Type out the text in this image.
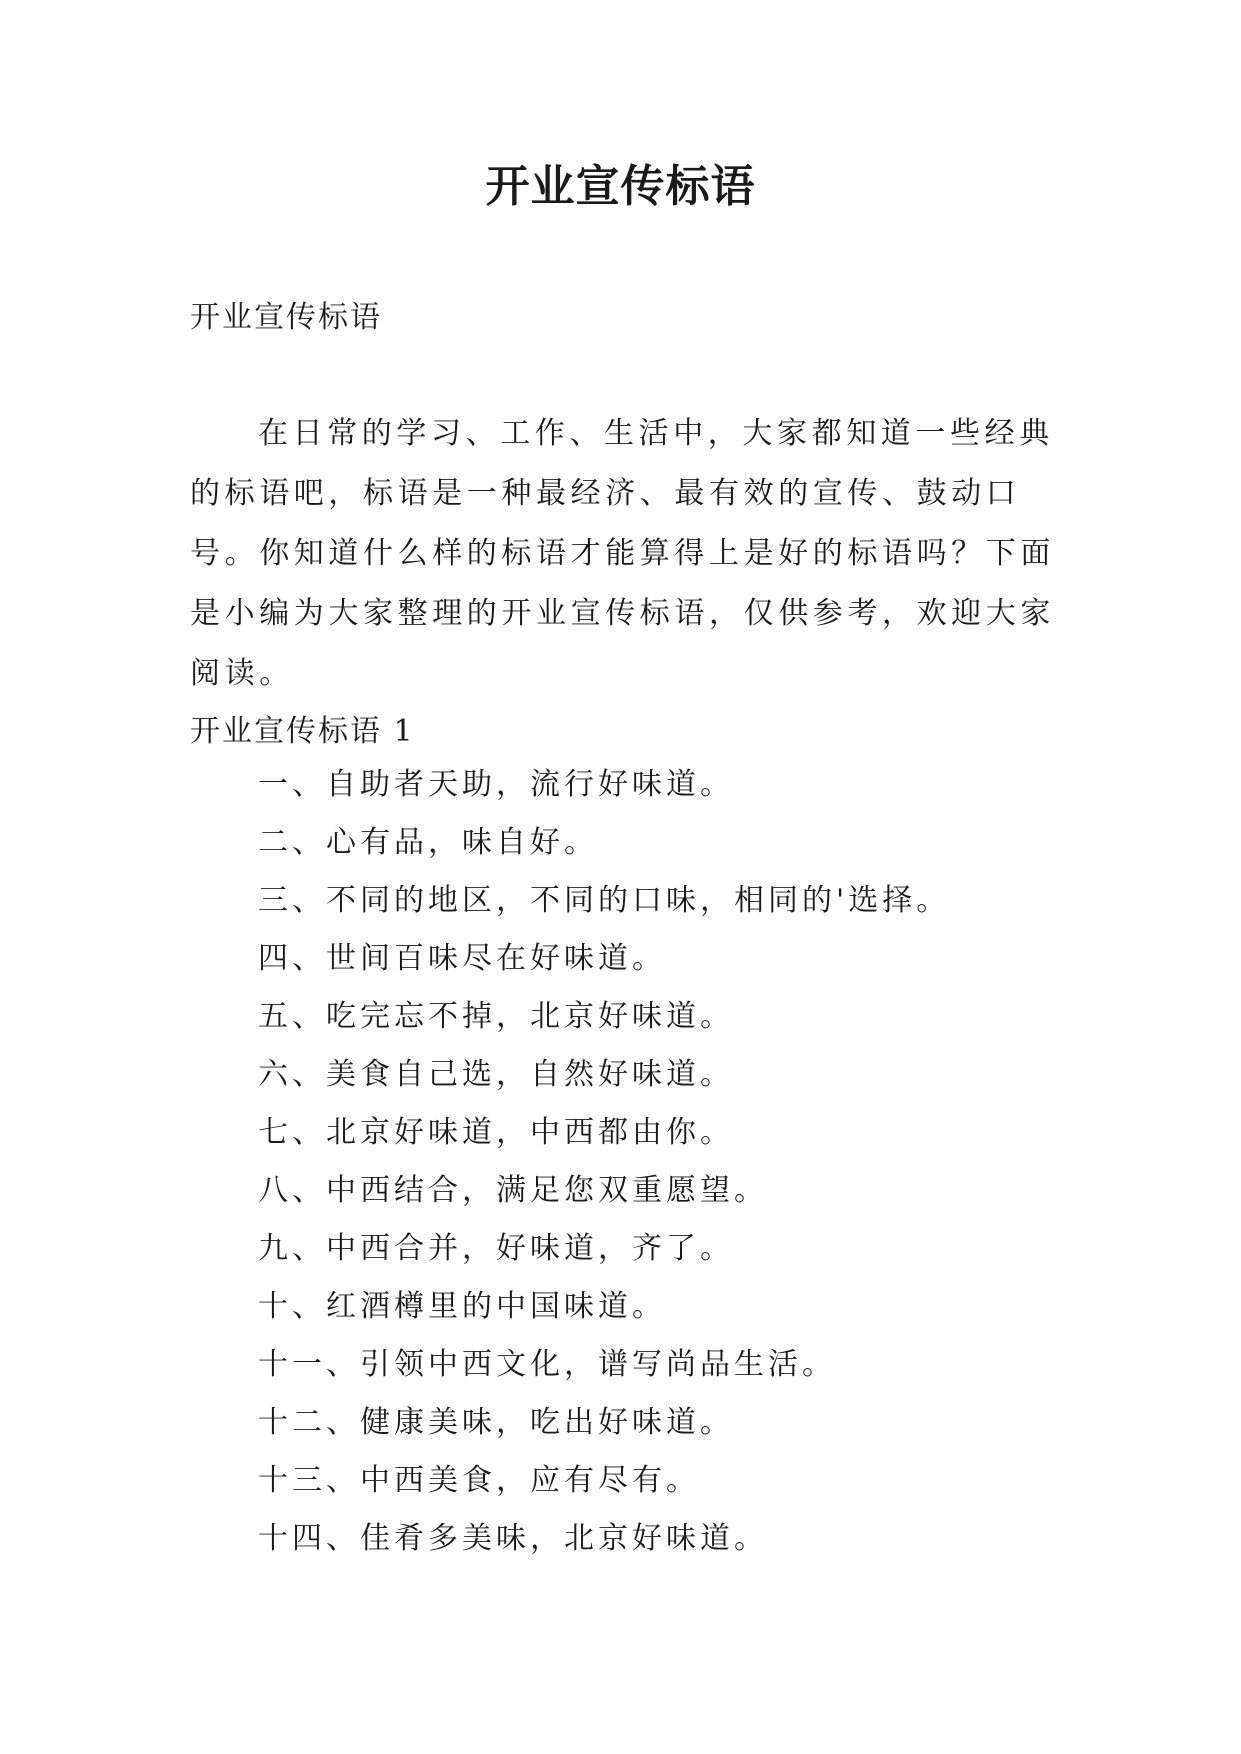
开业宣传标语

开业宣传标语

在日常的学习、工作、生活中，大家都知道一些经典的标语吧，标语是一种最经济、最有效的宣传、鼓动口号。你知道什么样的标语才能算得上是好的标语吗？下面是小编为大家整理的开业宣传标语，仅供参考，欢迎大家阅读。

开业宣传标语 1

一、自助者天助，流行好味道。
二、心有品，味自好。
三、不同的地区，不同的口味，相同的'选择。
四、世间百味尽在好味道。
五、吃完忘不掉，北京好味道。
六、美食自己选，自然好味道。
七、北京好味道，中西都由你。
八、中西结合，满足您双重愿望。
九、中西合并，好味道，齐了。
十、红酒樽里的中国味道。
十一、引领中西文化，谱写尚品生活。
十二、健康美味，吃出好味道。
十三、中西美食，应有尽有。
十四、佳肴多美味，北京好味道。
